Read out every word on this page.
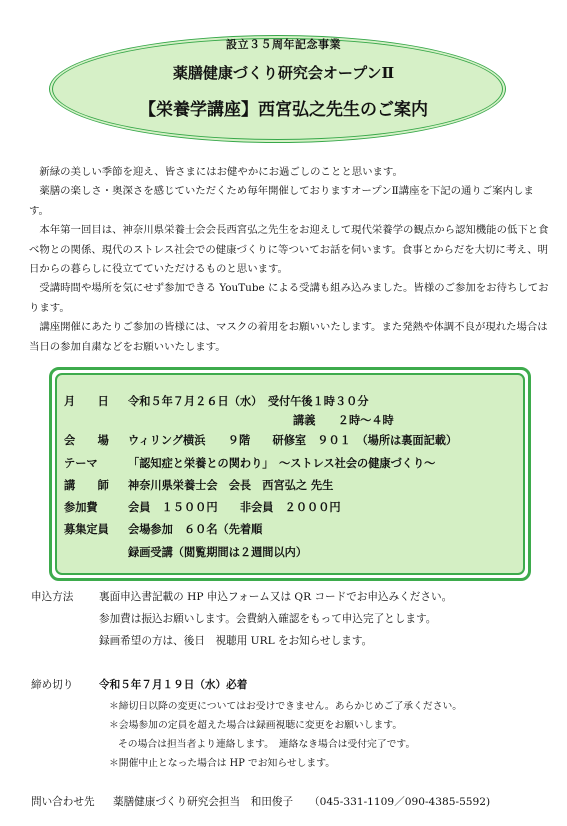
設立３５周年記念事業
薬膳健康づくり研究会オープンⅡ
【栄養学講座】西宮弘之先生のご案内

新緑の美しい季節を迎え、皆さまにはお健やかにお過ごしのことと思います。

薬膳の楽しさ・奥深さを感じていただくため毎年開催しておりますオープンⅡ講座を下記の通りご案内します。

本年第一回目は、神奈川県栄養士会会長西宮弘之先生をお迎えして現代栄養学の観点から認知機能の低下と食べ物との関係、現代のストレス社会での健康づくりに等ついてお話を伺います。食事とからだを大切に考え、明日からの暮らしに役立てていただけるものと思います。

受講時間や場所を気にせず参加できる YouTube による受講も組み込みました。皆様のご参加をお待ちしております。

講座開催にあたりご参加の皆様には、マスクの着用をお願いいたします。また発熱や体調不良が現れた場合は当日の参加自粛などをお願いいたします。

月　　日 令和５年７月２６日（水）　受付午後１時３０分
講義　　２時～４時
会　　場 ウィリング横浜　　９階　　研修室　９０１　（場所は裏面記載）
テーマ	「認知症と栄養との関わり」　～ストレス社会の健康づくり～
講　　師 神奈川県栄養士会　会長　西宮弘之 先生
参加費	会員　１５００円　　非会員　２０００円
募集定員 会場参加　６０名（先着順
録画受講（閲覧期間は２週間以内）
申込方法 裏面申込書記載の HP 申込フォーム又は QR コードでお申込みください。
参加費は振込お願いします。会費納入確認をもって申込完了とします。
録画希望の方は、後日　視聴用 URL をお知らせします。
締め切り 令和５年７月１９日（水）必着
＊締切日以降の変更についてはお受けできません。あらかじめご了承ください。
＊会場参加の定員を超えた場合は録画視聴に変更をお願いします。
その場合は担当者より連絡します。　連絡なき場合は受付完了です。
＊開催中止となった場合は HP でお知らせします。
問い合わせ先 薬膳健康づくり研究会担当　和田俊子　　（045-331-1109／090-4385-5592)
